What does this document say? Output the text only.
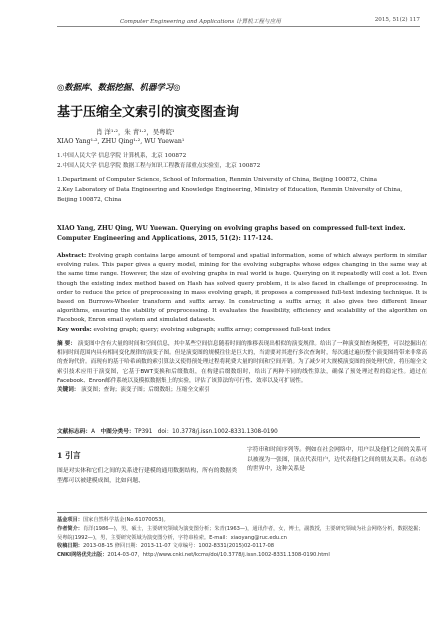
Computer Engineering and Applications 计算机工程与应用	2015, 51(2) 117
◎数据库、数据挖掘、机器学习◎
基于压缩全文索引的演变图查询
肖 洋¹·²，朱 青¹·²，吴粤皖¹
XIAO Yang¹·², ZHU Qing¹·², WU Yuewan¹
1.中国人民大学 信息学院 计算机系，北京 100872
2.中国人民大学 信息学院 数据工程与知识工程教育部重点实验室，北京 100872
1.Department of Computer Science, School of Information, Renmin University of China, Beijing 100872, China
2.Key Laboratory of Data Engineering and Knowledge Engineering, Ministry of Education, Renmin University of China,
Beijing 100872, China
XIAO Yang, ZHU Qing, WU Yuewan. Querying on evolving graphs based on compressed full-text index. Computer Engineering and Applications, 2015, 51(2): 117-124.
Abstract: Evolving graph contains large amount of temporal and spatial information, some of which always perform in similar evolving rules. This paper gives a query model, mining for the evolving subgraphs whose edges changing in the same way at the same time range. However, the size of evolving graphs in real world is huge. Querying on it repeatedly will cost a lot. Even though the existing index method based on Hash has solved query problem, it is also faced in challenge of preprocessing. In order to reduce the price of preprocessing in mass evolving graph, it proposes a compressed full-text indexing technique. It is based on Burrows-Wheeler transform and suffix array. In constructing a suffix array, it also gives two different linear algorithms, ensuring the stability of preprocessing. It evaluates the feasibility, efficiency and scalability of the algorithm on Facebook, Enron email system and simulated datasets.
Key words: evolving graph; query; evolving subgraph; suffix array; compressed full-text index
摘 要： 演变图中含有大量的时间和空间信息，其中某些空间信息随着时间的推移表现出相似的演变规律。给出了一种演变图查询模型，可以挖掘出在相同时间范围内具有相同变化规律的演变子图。但是演变图的规模往往是巨大的，当需要对其进行多次查询时，每次通过遍历整个演变图将带来非常高的查询代价。而现有的基于哈希函数的索引算法又使得预处理过程将耗费大量的时间和空间开销。为了减少对大规模演变图的预处理代价，将压缩全文索引技术应用于演变图，它基于BWT变换和后缀数组，在构建后缀数组时，给出了两种不同的线性算法，确保了预处理过程的稳定性。通过在Facebook、Enron邮件系统以及模拟数据集上的实验，评估了该算法的可行性、效率以及可扩展性。
关键词： 演变图；查询；演变子图；后缀数组；压缩全文索引
文献标志码：A 中图分类号：TP391 doi：10.3778/j.issn.1002-8331.1308-0190
1 引言
图是对实体和它们之间的关系进行建模的通用数据结构，所有的数据类型都可以被建模成图，比如问题、
字符串和时间序列等。例如在社会网络中，用户以及他们之间的关系可以被视为一张图，顶点代表用户，边代表他们之间的朋友关系。在动态的世界中，这种关系是
基金项目：国家自然科学基金(No.61070053)。
作者简介：肖洋(1986—)，男，硕士，主要研究领域为演变图分析；朱青(1963—)，通讯作者，女，博士，副教授，主要研究领域为社会网络分析，数据挖掘；吴粤皖(1992—)，男，主要研究领域为演变图分析，字符串检索。E-mail：xiaoyang@ruc.edu.cn
收稿日期：2013-08-15 修回日期：2013-11-07 文章编号：1002-8331(2015)02-0117-08
CNKI网络优先出版：2014-03-07，http://www.cnki.net/kcms/doi/10.3778/j.issn.1002-8331.1308-0190.html
